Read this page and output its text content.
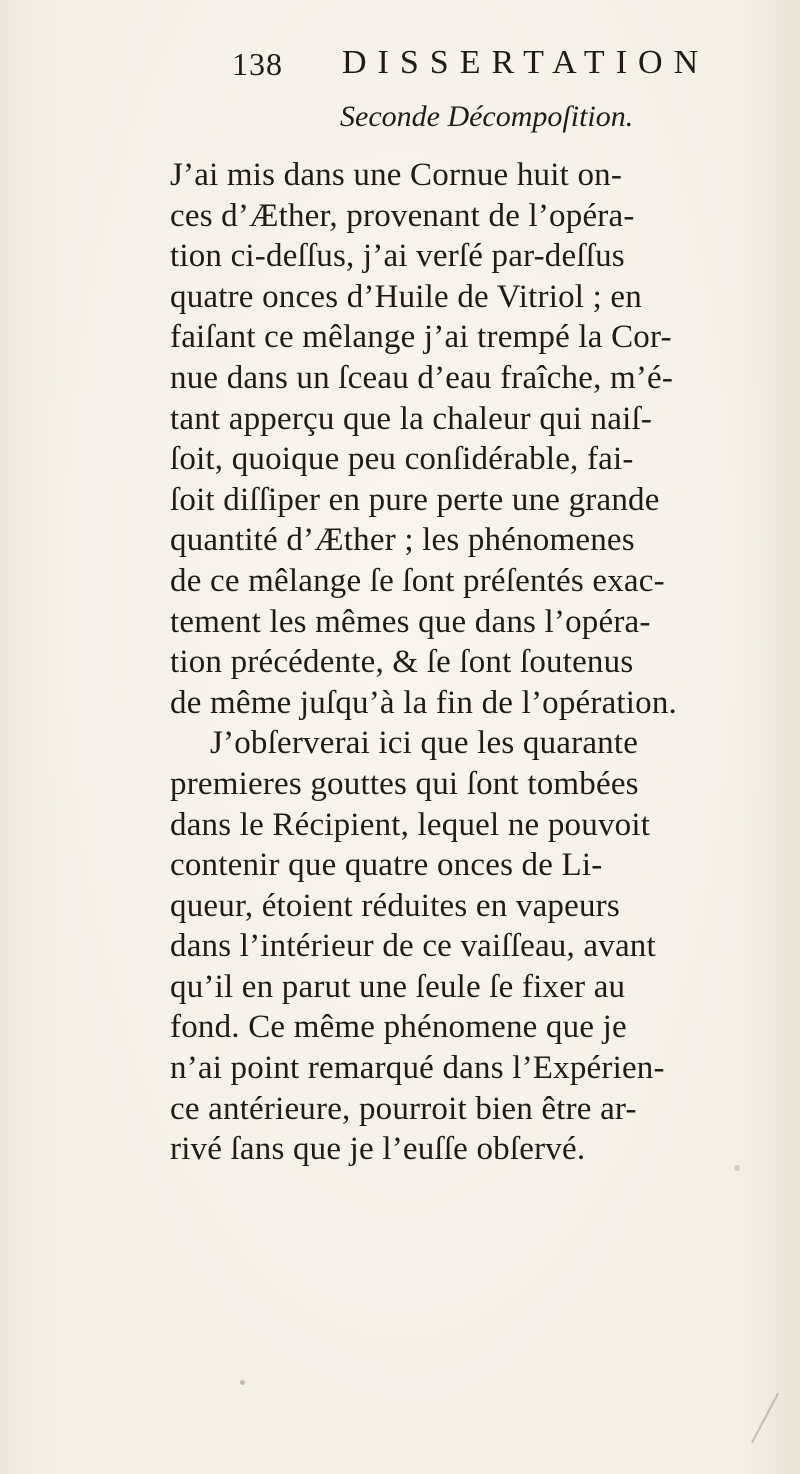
138 DISSERTATION
Seconde Décompoſition.
J’ai mis dans une Cornue huit on-
ces d’Æther, provenant de l’opéra-
tion ci-deſſus, j’ai verſé par-deſſus
quatre onces d’Huile de Vitriol ; en
faiſant ce mêlange j’ai trempé la Cor-
nue dans un ſceau d’eau fraîche, m’é-
tant apperçu que la chaleur qui naiſ-
ſoit, quoique peu conſidérable, fai-
ſoit diſſiper en pure perte une grande
quantité d’Æther ; les phénomenes
de ce mêlange ſe ſont préſentés exac-
tement les mêmes que dans l’opéra-
tion précédente, & ſe ſont ſoutenus
de même juſqu’à la fin de l’opération.
J’obſerverai ici que les quarante
premieres gouttes qui ſont tombées
dans le Récipient, lequel ne pouvoit
contenir que quatre onces de Li-
queur, étoient réduites en vapeurs
dans l’intérieur de ce vaiſſeau, avant
qu’il en parut une ſeule ſe fixer au
fond. Ce même phénomene que je
n’ai point remarqué dans l’Expérien-
ce antérieure, pourroit bien être ar-
rivé ſans que je l’euſſe obſervé.
